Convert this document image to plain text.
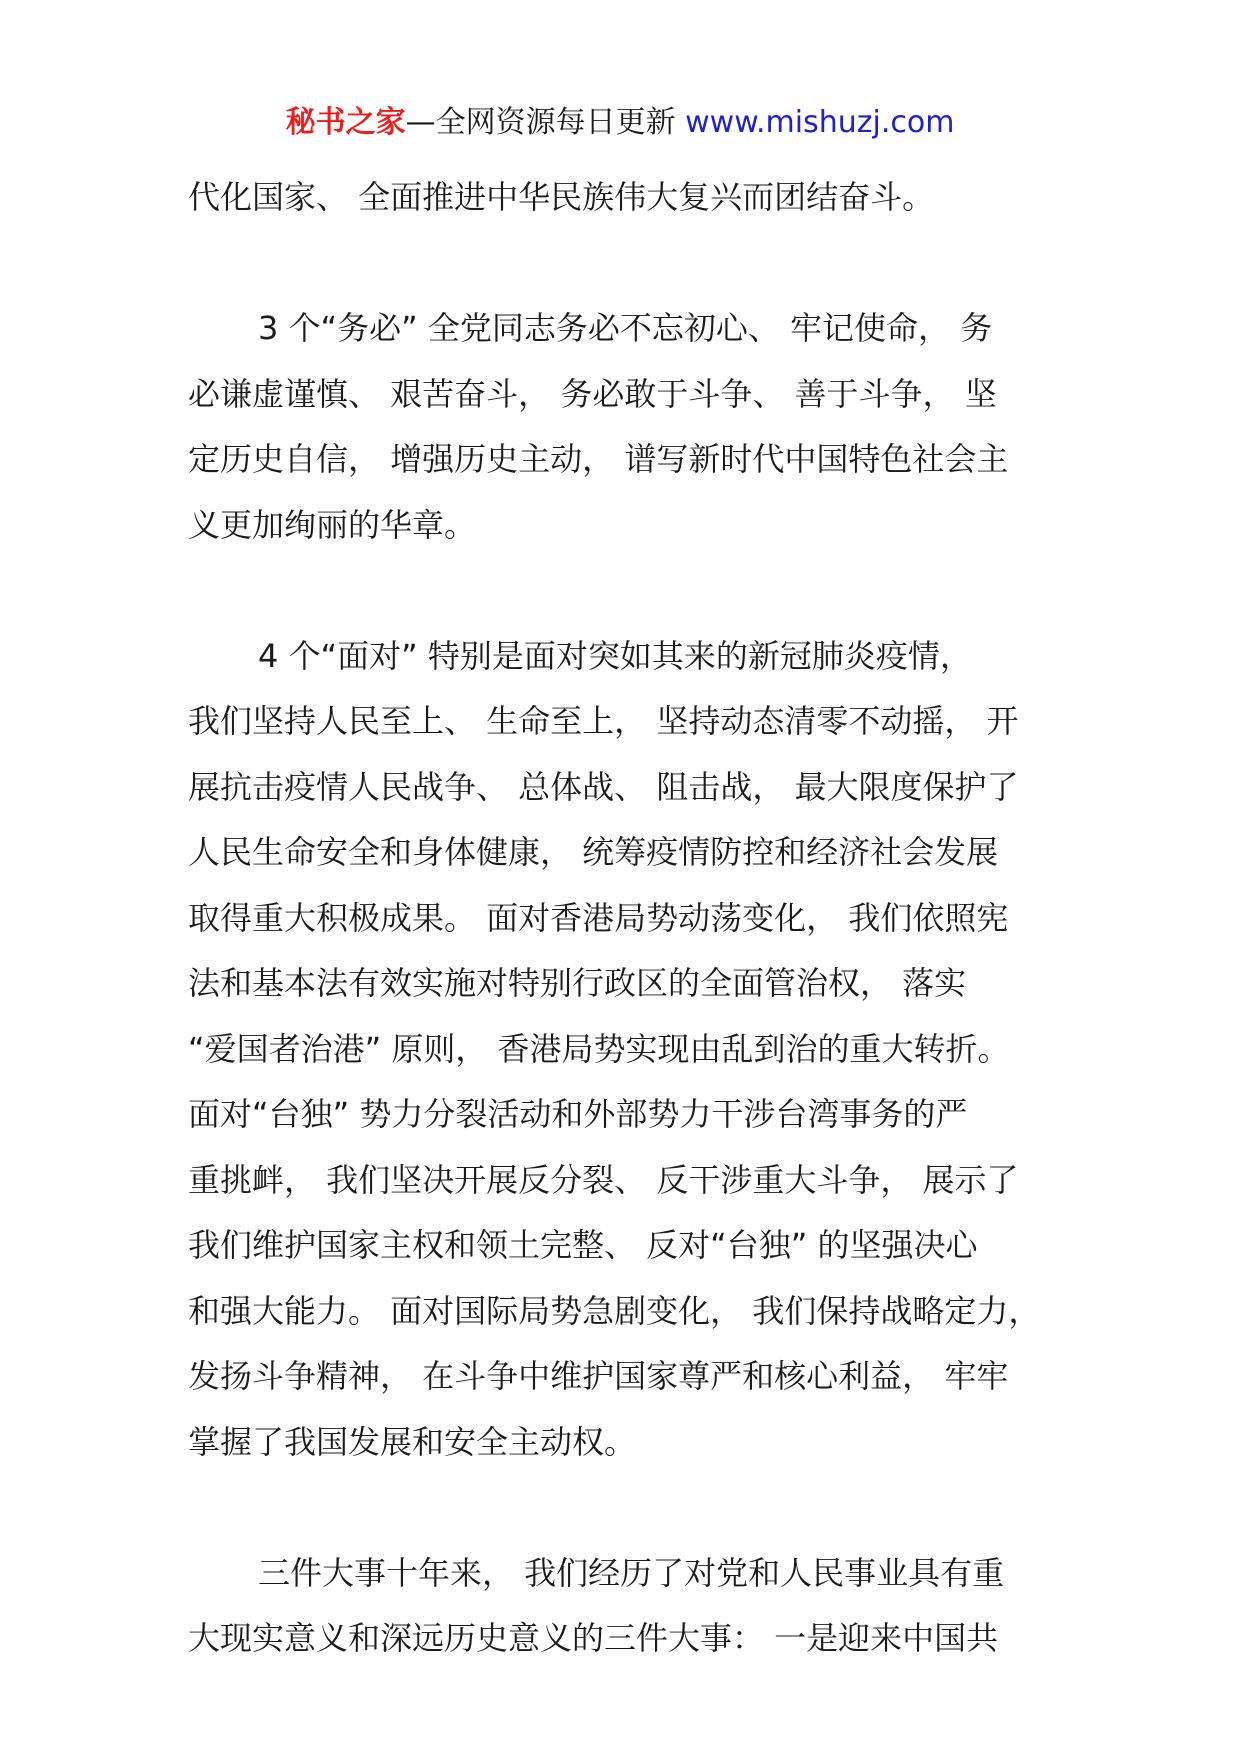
秘书之家—全网资源每日更新 www.mishuzj.com
代化国家、 全面推进中华民族伟大复兴而团结奋斗。
3 个“务必” 全党同志务必不忘初心、 牢记使命， 务
必谦虚谨慎、 艰苦奋斗， 务必敢于斗争、 善于斗争， 坚
定历史自信， 增强历史主动， 谱写新时代中国特色社会主
义更加绚丽的华章。
4 个“面对” 特别是面对突如其来的新冠肺炎疫情，
我们坚持人民至上、 生命至上， 坚持动态清零不动摇， 开
展抗击疫情人民战争、 总体战、 阻击战， 最大限度保护了
人民生命安全和身体健康， 统筹疫情防控和经济社会发展
取得重大积极成果。 面对香港局势动荡变化， 我们依照宪
法和基本法有效实施对特别行政区的全面管治权， 落实
“爱国者治港” 原则， 香港局势实现由乱到治的重大转折。
面对“台独” 势力分裂活动和外部势力干涉台湾事务的严
重挑衅， 我们坚决开展反分裂、 反干涉重大斗争， 展示了
我们维护国家主权和领土完整、 反对“台独” 的坚强决心
和强大能力。 面对国际局势急剧变化， 我们保持战略定力，
发扬斗争精神， 在斗争中维护国家尊严和核心利益， 牢牢
掌握了我国发展和安全主动权。
三件大事十年来， 我们经历了对党和人民事业具有重
大现实意义和深远历史意义的三件大事： 一是迎来中国共
